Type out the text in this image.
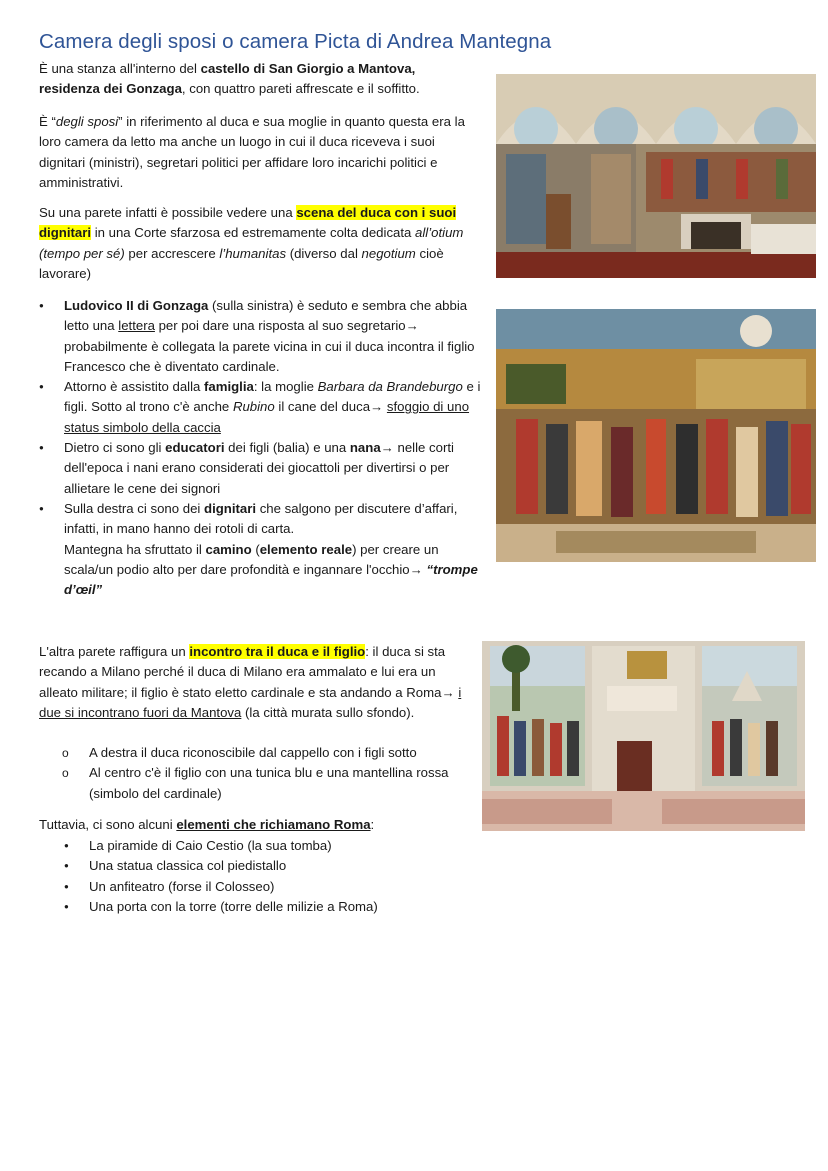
Camera degli sposi o camera Picta di Andrea Mantegna

È una stanza all'interno del castello di San Giorgio a Mantova,
residenza dei Gonzaga, con quattro pareti affrescate e il soffitto.

È “degli sposi” in riferimento al duca e sua moglie in quanto questa era la loro camera da letto ma anche un luogo in cui il duca riceveva i suoi dignitari (ministri), segretari politici per affidare loro incarichi politici e amministrativi.

Su una parete infatti è possibile vedere una scena del duca con i suoi dignitari in una Corte sfarzosa ed estremamente colta dedicata all’otium (tempo per sé) per accrescere l’humanitas (diverso dal negotium cioè lavorare)

● Ludovico II di Gonzaga (sulla sinistra) è seduto e sembra che abbia letto una lettera per poi dare una risposta al suo segretario→ probabilmente è collegata la parete vicina in cui il duca incontra il figlio Francesco che è diventato cardinale.
● Attorno è assistito dalla famiglia: la moglie Barbara da Brandeburgo e i figli. Sotto al trono c'è anche Rubino il cane del duca→ sfoggio di uno status simbolo della caccia
● Dietro ci sono gli educatori dei figli (balia) e una nana→ nelle corti dell'epoca i nani erano considerati dei giocattoli per divertirsi o per allietare le cene dei signori
● Sulla destra ci sono dei dignitari che salgono per discutere d’affari, infatti, in mano hanno dei rotoli di carta.
Mantegna ha sfruttato il camino (elemento reale) per creare un scala/un podio alto per dare profondità e ingannare l'occhio→ “trompe d’œil”

L'altra parete raffigura un incontro tra il duca e il figlio: il duca si sta recando a Milano perché il duca di Milano era ammalato e lui era un alleato militare; il figlio è stato eletto cardinale e sta andando a Roma→ i due si incontrano fuori da Mantova (la città murata sullo sfondo).

o A destra il duca riconoscibile dal cappello con i figli sotto
o Al centro c'è il figlio con una tunica blu e una mantellina rossa (simbolo del cardinale)

Tuttavia, ci sono alcuni elementi che richiamano Roma:

● La piramide di Caio Cestio (la sua tomba)
● Una statua classica col piedistallo
● Un anfiteatro (forse il Colosseo)
● Una porta con la torre (torre delle milizie a Roma)
